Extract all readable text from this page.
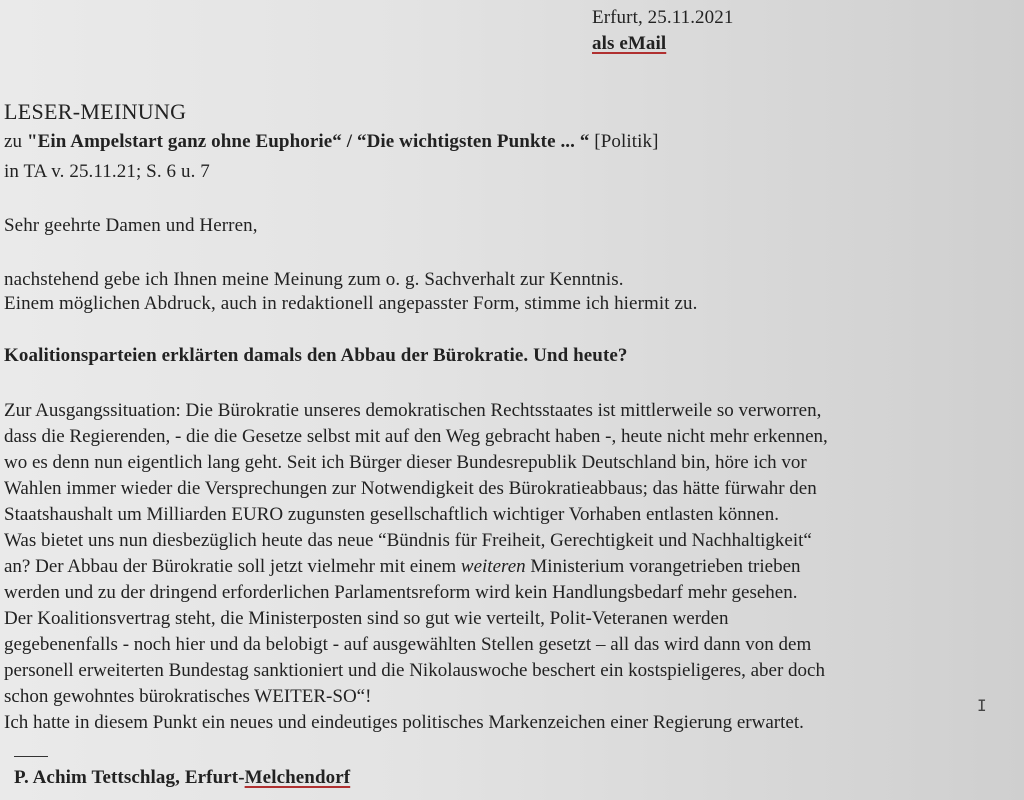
Erfurt, 25.11.2021
als eMail
LESER-MEINUNG
zu "Ein Ampelstart ganz ohne Euphorie“ / “Die wichtigsten Punkte ... “ [Politik]
in TA v. 25.11.21; S. 6 u. 7
Sehr geehrte Damen und Herren,
nachstehend gebe ich Ihnen meine Meinung zum o. g. Sachverhalt zur Kenntnis.
Einem möglichen Abdruck, auch in redaktionell angepasster Form, stimme ich hiermit zu.
Koalitionsparteien erklärten damals den Abbau der Bürokratie. Und heute?
Zur Ausgangssituation: Die Bürokratie unseres demokratischen Rechtsstaates ist mittlerweile so verworren,
dass die Regierenden, - die die Gesetze selbst mit auf den Weg gebracht haben -, heute nicht mehr erkennen,
wo es denn nun eigentlich lang geht. Seit ich Bürger dieser Bundesrepublik Deutschland bin, höre ich vor
Wahlen immer wieder die Versprechungen zur Notwendigkeit des Bürokratieabbaus; das hätte fürwahr den
Staatshaushalt um Milliarden EURO zugunsten gesellschaftlich wichtiger Vorhaben entlasten können.
Was bietet uns nun diesbezüglich heute das neue “Bündnis für Freiheit, Gerechtigkeit und Nachhaltigkeit“
an? Der Abbau der Bürokratie soll jetzt vielmehr mit einem weiteren Ministerium vorangetrieben trieben
werden und zu der dringend erforderlichen Parlamentsreform wird kein Handlungsbedarf mehr gesehen.
Der Koalitionsvertrag steht, die Ministerposten sind so gut wie verteilt, Polit-Veteranen werden
gegebenenfalls - noch hier und da belobigt - auf ausgewählten Stellen gesetzt – all das wird dann von dem
personell erweiterten Bundestag sanktioniert und die Nikolauswoche beschert ein kostspieligeres, aber doch
schon gewohntes bürokratisches WEITER-SO“!
Ich hatte in diesem Punkt ein neues und eindeutiges politisches Markenzeichen einer Regierung erwartet.
I
P. Achim Tettschlag, Erfurt-Melchendorf
